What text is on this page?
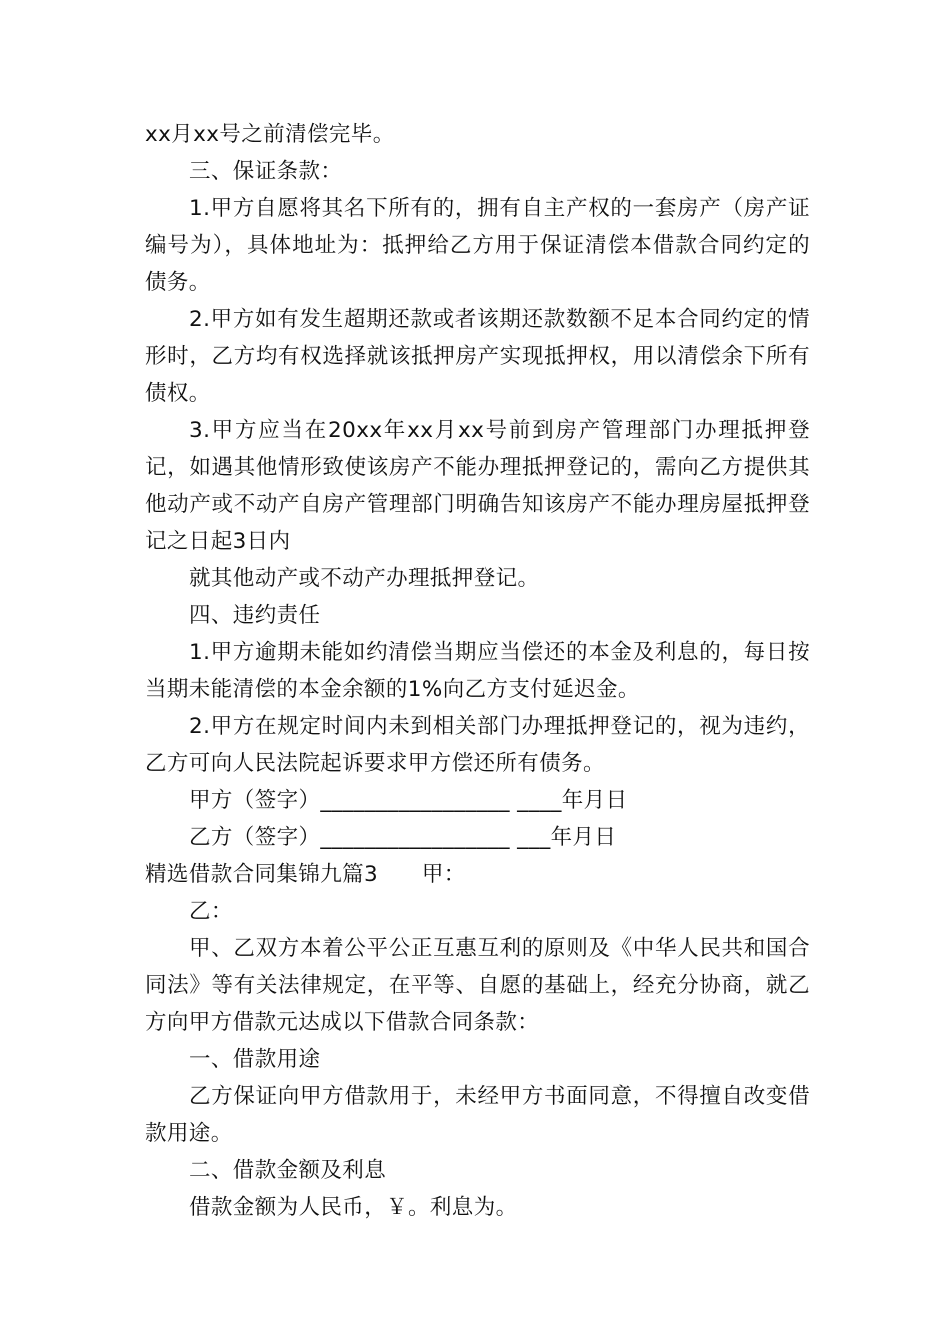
xx月xx号之前清偿完毕。

三、保证条款：

1.甲方自愿将其名下所有的，拥有自主产权的一套房产（房产证编号为），具体地址为：抵押给乙方用于保证清偿本借款合同约定的债务。

2.甲方如有发生超期还款或者该期还款数额不足本合同约定的情形时，乙方均有权选择就该抵押房产实现抵押权，用以清偿余下所有债权。

3.甲方应当在20xx年xx月xx号前到房产管理部门办理抵押登记，如遇其他情形致使该房产不能办理抵押登记的，需向乙方提供其他动产或不动产自房产管理部门明确告知该房产不能办理房屋抵押登记之日起3日内

就其他动产或不动产办理抵押登记。

四、违约责任

1.甲方逾期未能如约清偿当期应当偿还的本金及利息的，每日按当期未能清偿的本金余额的1%向乙方支付延迟金。

2.甲方在规定时间内未到相关部门办理抵押登记的，视为违约，乙方可向人民法院起诉要求甲方偿还所有债务。

甲方（签字）_________________ ____年月日

乙方（签字）_________________ ___年月日

精选借款合同集锦九篇3　　甲：

乙：

甲、乙双方本着公平公正互惠互利的原则及《中华人民共和国合同法》等有关法律规定，在平等、自愿的基础上，经充分协商，就乙方向甲方借款元达成以下借款合同条款：

一、借款用途

乙方保证向甲方借款用于，未经甲方书面同意，不得擅自改变借款用途。

二、借款金额及利息

借款金额为人民币，￥。利息为。
